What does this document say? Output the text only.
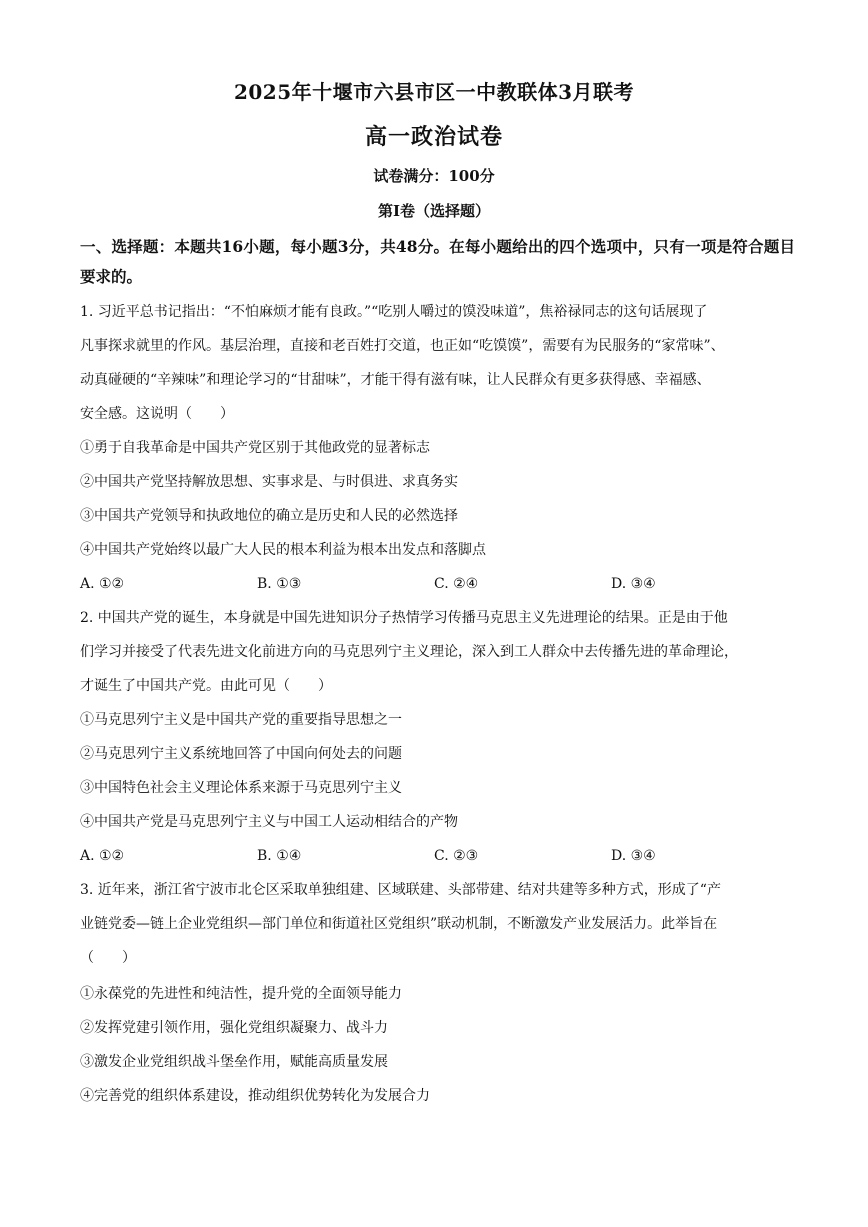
2025年十堰市六县市区一中教联体3月联考
高一政治试卷
试卷满分：100分
第Ⅰ卷（选择题）
一、选择题：本题共16小题，每小题3分，共48分。在每小题给出的四个选项中，只有一项是符合题目要求的。
1. 习近平总书记指出：“不怕麻烦才能有良政。”“吃别人嚼过的馍没味道”，焦裕禄同志的这句话展现了
凡事探求就里的作风。基层治理，直接和老百姓打交道，也正如“吃馍馍”，需要有为民服务的“家常味”、
动真碰硬的“辛辣味”和理论学习的“甘甜味”，才能干得有滋有味，让人民群众有更多获得感、幸福感、
安全感。这说明（　　）
①勇于自我革命是中国共产党区别于其他政党的显著标志
②中国共产党坚持解放思想、实事求是、与时俱进、求真务实
③中国共产党领导和执政地位的确立是历史和人民的必然选择
④中国共产党始终以最广大人民的根本利益为根本出发点和落脚点
A. ①②	B. ①③	C. ②④	D. ③④
2. 中国共产党的诞生，本身就是中国先进知识分子热情学习传播马克思主义先进理论的结果。正是由于他
们学习并接受了代表先进文化前进方向的马克思列宁主义理论，深入到工人群众中去传播先进的革命理论，
才诞生了中国共产党。由此可见（　　）
①马克思列宁主义是中国共产党的重要指导思想之一
②马克思列宁主义系统地回答了中国向何处去的问题
③中国特色社会主义理论体系来源于马克思列宁主义
④中国共产党是马克思列宁主义与中国工人运动相结合的产物
A. ①②	B. ①④	C. ②③	D. ③④
3. 近年来，浙江省宁波市北仑区采取单独组建、区域联建、头部带建、结对共建等多种方式，形成了“产
业链党委—链上企业党组织—部门单位和街道社区党组织”联动机制，不断激发产业发展活力。此举旨在
（　　）
①永葆党的先进性和纯洁性，提升党的全面领导能力
②发挥党建引领作用，强化党组织凝聚力、战斗力
③激发企业党组织战斗堡垒作用，赋能高质量发展
④完善党的组织体系建设，推动组织优势转化为发展合力
